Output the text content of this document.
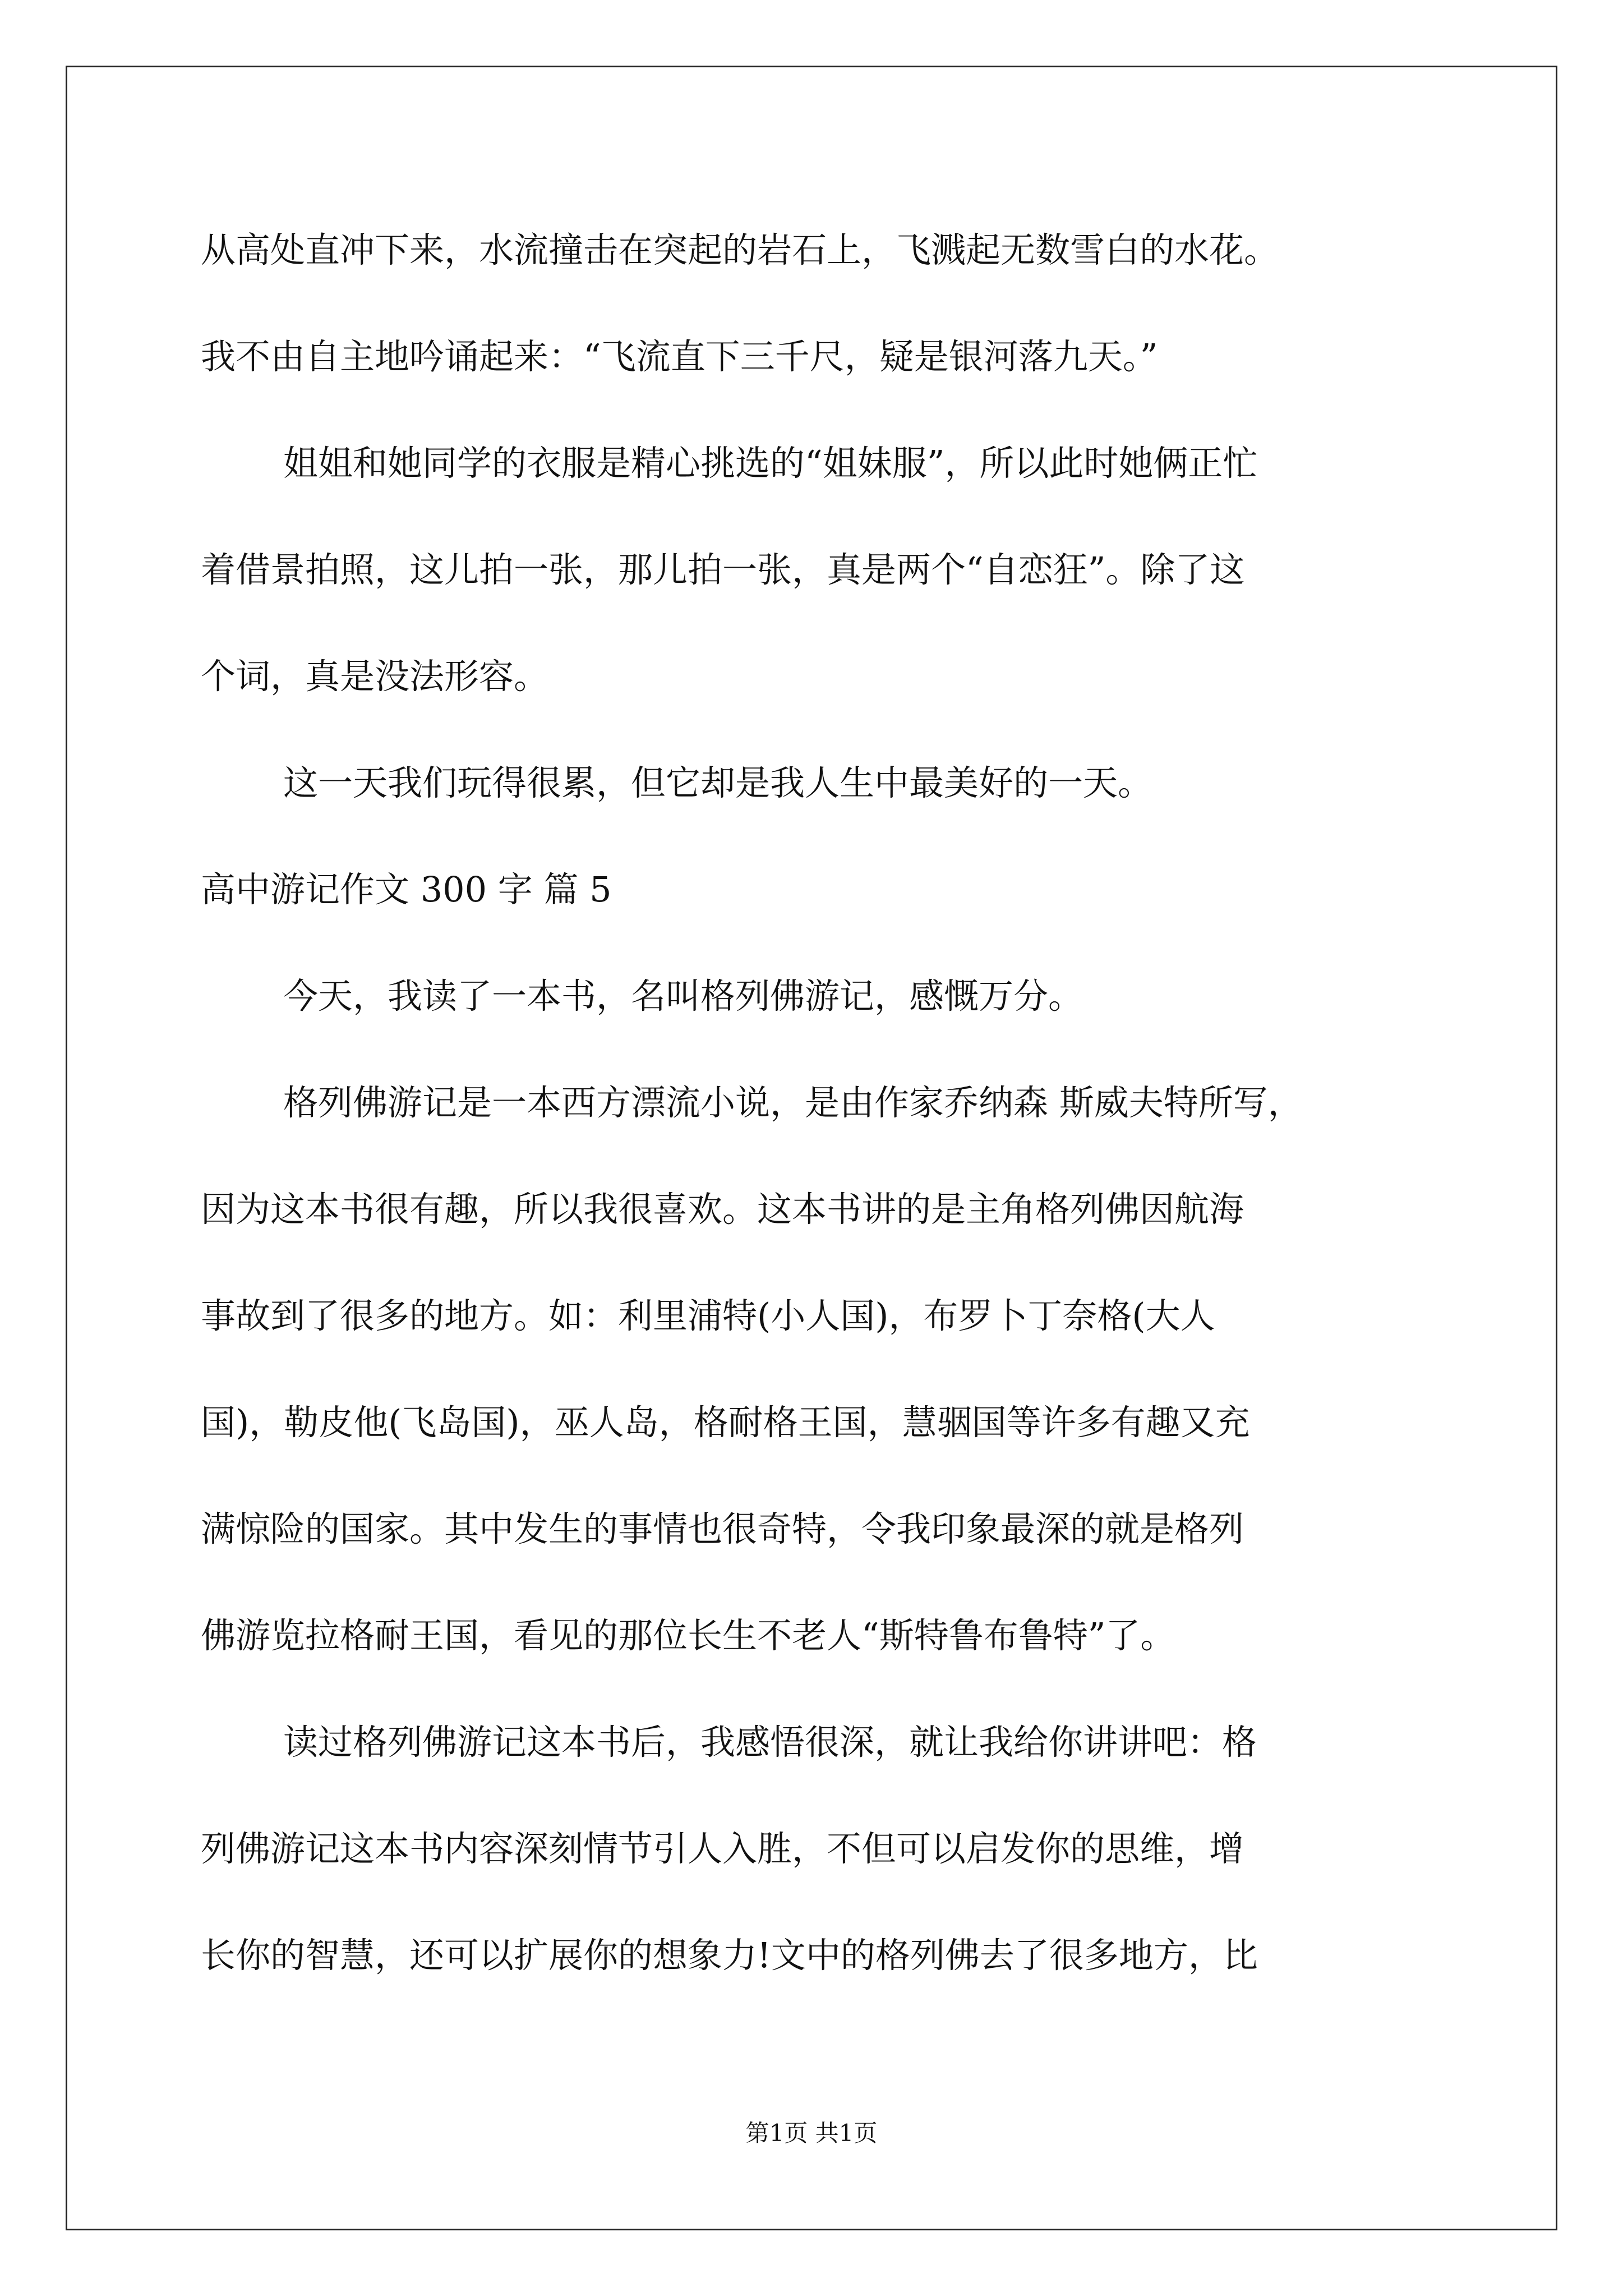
从高处直冲下来，水流撞击在突起的岩石上，飞溅起无数雪白的水花。
我不由自主地吟诵起来：“飞流直下三千尺，疑是银河落九天。”
姐姐和她同学的衣服是精心挑选的“姐妹服”，所以此时她俩正忙
着借景拍照，这儿拍一张，那儿拍一张，真是两个“自恋狂”。除了这
个词，真是没法形容。
这一天我们玩得很累，但它却是我人生中最美好的一天。
高中游记作文 300 字 篇 5
今天，我读了一本书，名叫格列佛游记，感慨万分。
格列佛游记是一本西方漂流小说，是由作家乔纳森 斯威夫特所写，
因为这本书很有趣，所以我很喜欢。这本书讲的是主角格列佛因航海
事故到了很多的地方。如：利里浦特(小人国)，布罗卜丁奈格(大人
国)，勒皮他(飞岛国)，巫人岛，格耐格王国，慧骃国等许多有趣又充
满惊险的国家。其中发生的事情也很奇特，令我印象最深的就是格列
佛游览拉格耐王国，看见的那位长生不老人“斯特鲁布鲁特”了。
读过格列佛游记这本书后，我感悟很深，就让我给你讲讲吧：格
列佛游记这本书内容深刻情节引人入胜，不但可以启发你的思维，增
长你的智慧，还可以扩展你的想象力!文中的格列佛去了很多地方，比
第1页 共1页
